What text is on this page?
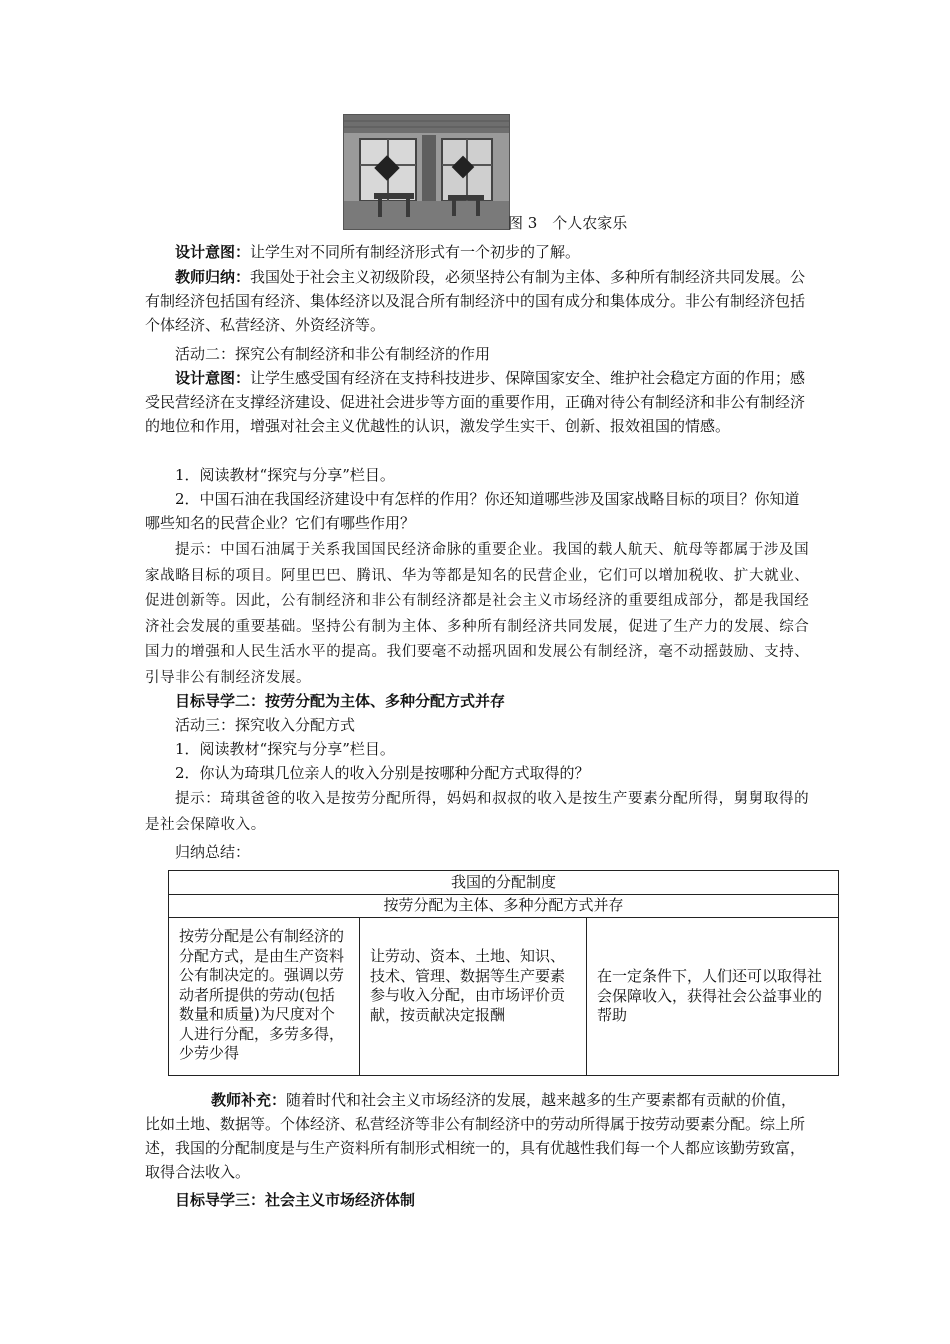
图 3　个人农家乐
设计意图：让学生对不同所有制经济形式有一个初步的了解。
教师归纳：我国处于社会主义初级阶段，必须坚持公有制为主体、多种所有制经济共同发展。公有制经济包括国有经济、集体经济以及混合所有制经济中的国有成分和集体成分。非公有制经济包括个体经济、私营经济、外资经济等。
活动二：探究公有制经济和非公有制经济的作用
设计意图：让学生感受国有经济在支持科技进步、保障国家安全、维护社会稳定方面的作用；感受民营经济在支撑经济建设、促进社会进步等方面的重要作用，正确对待公有制经济和非公有制经济的地位和作用，增强对社会主义优越性的认识，激发学生实干、创新、报效祖国的情感。
1．阅读教材“探究与分享”栏目。
2．中国石油在我国经济建设中有怎样的作用？你还知道哪些涉及国家战略目标的项目？你知道哪些知名的民营企业？它们有哪些作用？
提示：中国石油属于关系我国国民经济命脉的重要企业。我国的载人航天、航母等都属于涉及国家战略目标的项目。阿里巴巴、腾讯、华为等都是知名的民营企业，它们可以增加税收、扩大就业、促进创新等。因此，公有制经济和非公有制经济都是社会主义市场经济的重要组成部分，都是我国经济社会发展的重要基础。坚持公有制为主体、多种所有制经济共同发展，促进了生产力的发展、综合国力的增强和人民生活水平的提高。我们要毫不动摇巩固和发展公有制经济，毫不动摇鼓励、支持、引导非公有制经济发展。
目标导学二：按劳分配为主体、多种分配方式并存
活动三：探究收入分配方式
1．阅读教材“探究与分享”栏目。
2．你认为琦琪几位亲人的收入分别是按哪种分配方式取得的？
提示：琦琪爸爸的收入是按劳分配所得，妈妈和叔叔的收入是按生产要素分配所得，舅舅取得的是社会保障收入。
归纳总结：
我国的分配制度
按劳分配为主体、多种分配方式并存
按劳分配是公有制经济的分配方式，是由生产资料公有制决定的。强调以劳动者所提供的劳动(包括数量和质量)为尺度对个人进行分配，多劳多得，少劳少得
让劳动、资本、土地、知识、技术、管理、数据等生产要素参与收入分配，由市场评价贡献，按贡献决定报酬
在一定条件下，人们还可以取得社会保障收入，获得社会公益事业的帮助
教师补充：随着时代和社会主义市场经济的发展，越来越多的生产要素都有贡献的价值，比如土地、数据等。个体经济、私营经济等非公有制经济中的劳动所得属于按劳动要素分配。综上所述，我国的分配制度是与生产资料所有制形式相统一的，具有优越性我们每一个人都应该勤劳致富，取得合法收入。
目标导学三：社会主义市场经济体制
